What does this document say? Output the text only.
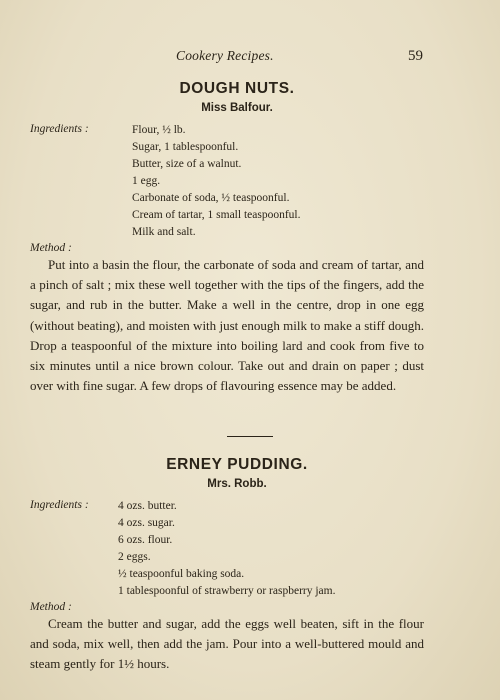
Cookery Recipes.	59
DOUGH NUTS.

Miss Balfour.

Ingredients :	Flour, ½ lb.
Sugar, 1 tablespoonful.
Butter, size of a walnut.
1 egg.
Carbonate of soda, ½ teaspoonful.
Cream of tartar, 1 small teaspoonful.
Milk and salt.

Method :

Put into a basin the flour, the carbonate of soda and cream of tartar, and a pinch of salt ; mix these well together with the tips of the fingers, add the sugar, and rub in the butter. Make a well in the centre, drop in one egg (without beating), and moisten with just enough milk to make a stiff dough. Drop a teaspoonful of the mixture into boiling lard and cook from five to six minutes until a nice brown colour. Take out and drain on paper ; dust over with fine sugar. A few drops of flavouring essence may be added.

ERNEY PUDDING.

Mrs. Robb.

Ingredients :	4 ozs. butter.
4 ozs. sugar.
6 ozs. flour.
2 eggs.
½ teaspoonful baking soda.
1 tablespoonful of strawberry or raspberry jam.

Method :

Cream the butter and sugar, add the eggs well beaten, sift in the flour and soda, mix well, then add the jam. Pour into a well-buttered mould and steam gently for 1½ hours.
